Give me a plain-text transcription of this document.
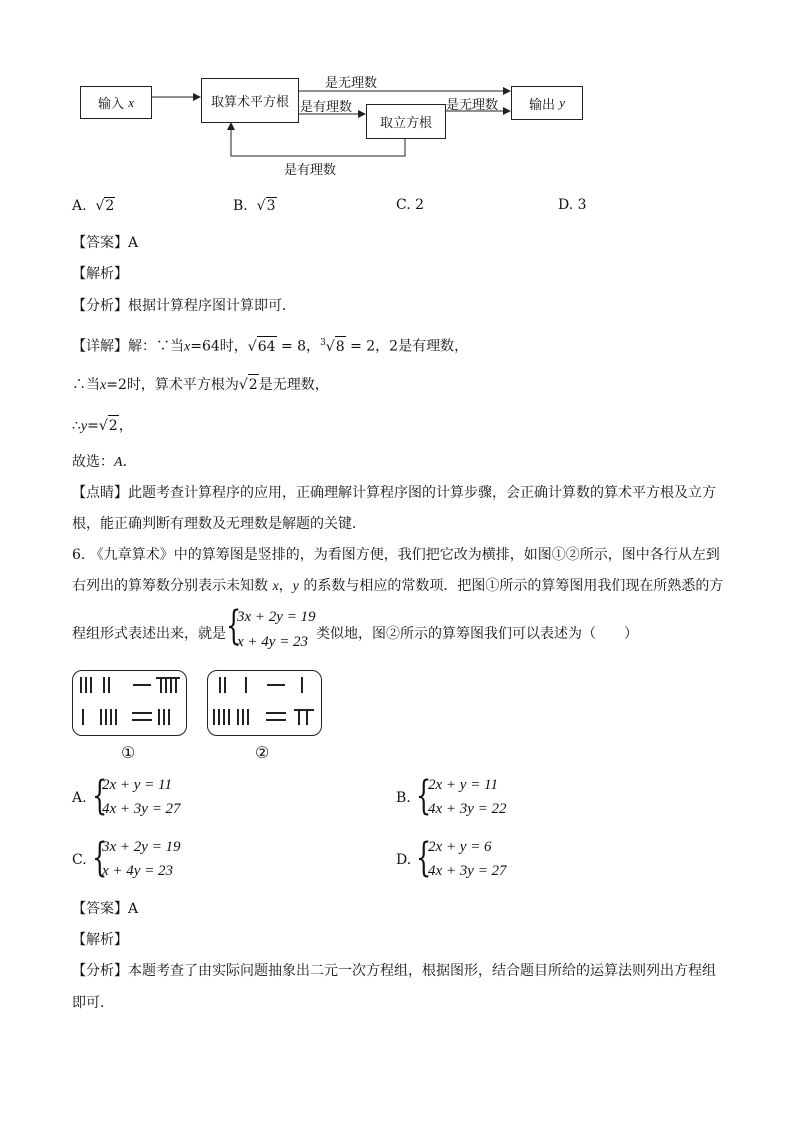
输入
x	取算术平方根
取立方根
输出
y
是无理数
是有理数	是无理数
是有理数
A. √2	B. √3	C. 2	D. 3
【答案】A
【解析】
【分析】根据计算程序图计算即可．
【详解】解：∵当x=64时，√64 = 8，$^3$√8 = 2，2是有理数，
∴当x=2时，算术平方根为√2是无理数，
∴y=√2，
故选：A．
【点睛】此题考查计算程序的应用，正确理解计算程序图的计算步骤，会正确计算数的算术平方根及立方
根，能正确判断有理数及无理数是解题的关键．
6. 《九章算术》中的算筹图是竖排的，为看图方便，我们把它改为横排，如图①②所示，图中各行从左到
右列出的算筹数分别表示未知数 x，y 的系数与相应的常数项．把图①所示的算筹图用我们现在所熟悉的方
程组形式表述出来，就是 {
3x + 2y = 19
x + 4y = 23 类似地，图②所示的算筹图我们可以表述为（　　）
①	②
A. {
2x + y = 11
4x + 3y = 27
B. {
2x + y = 11
4x + 3y = 22
C. {
3x + 2y = 19
x + 4y = 23
D. {
2x + y = 6
4x + 3y = 27
【答案】A
【解析】
【分析】本题考查了由实际问题抽象出二元一次方程组，根据图形，结合题目所给的运算法则列出方程组
即可．
